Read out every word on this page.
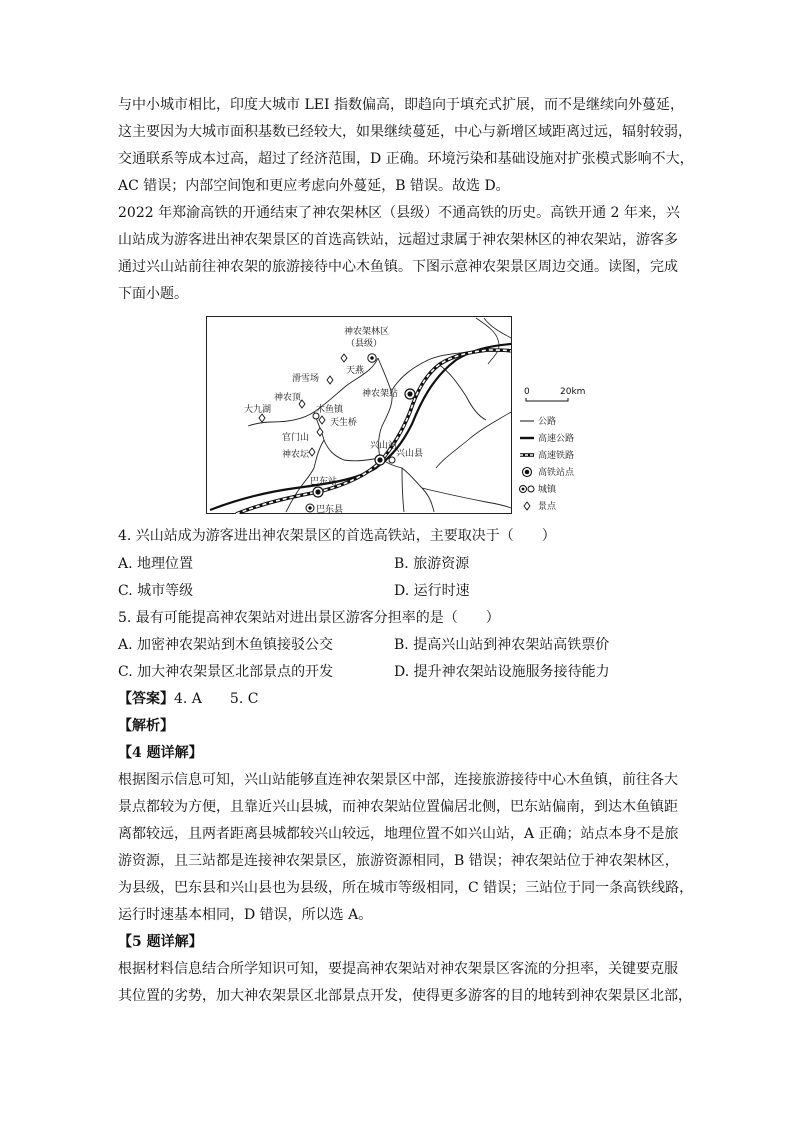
与中小城市相比，印度大城市 LEI 指数偏高，即趋向于填充式扩展，而不是继续向外蔓延，
这主要因为大城市面积基数已经较大，如果继续蔓延，中心与新增区域距离过远，辐射较弱，
交通联系等成本过高，超过了经济范围，D 正确。环境污染和基础设施对扩张模式影响不大，
AC 错误；内部空间饱和更应考虑向外蔓延，B 错误。故选 D。
2022 年郑渝高铁的开通结束了神农架林区（县级）不通高铁的历史。高铁开通 2 年来，兴
山站成为游客进出神农架景区的首选高铁站，远超过隶属于神农架林区的神农架站，游客多
通过兴山站前往神农架的旅游接待中心木鱼镇。下图示意神农架景区周边交通。读图，完成
下面小题。
神农架林区
（县级）
天燕
滑雪场
神农顶
大九湖	木鱼镇
天生桥
官门山
神农坛
神农架站
兴山站
兴山县
巴东站
巴东县
0	20km
公路
高速公路
高速铁路
高铁站点
城镇
景点
4. 兴山站成为游客进出神农架景区的首选高铁站，主要取决于（　　）
A. 地理位置	B. 旅游资源
C. 城市等级	D. 运行时速
5. 最有可能提高神农架站对进出景区游客分担率的是（　　）
A. 加密神农架站到木鱼镇接驳公交	B. 提高兴山站到神农架站高铁票价
C. 加大神农架景区北部景点的开发	D. 提升神农架站设施服务接待能力
【答案】4. A　　5. C
【解析】
【4 题详解】
根据图示信息可知，兴山站能够直连神农架景区中部，连接旅游接待中心木鱼镇，前往各大
景点都较为方便，且靠近兴山县城，而神农架站位置偏居北侧，巴东站偏南，到达木鱼镇距
离都较远，且两者距离县城都较兴山较远，地理位置不如兴山站，A 正确；站点本身不是旅
游资源，且三站都是连接神农架景区，旅游资源相同，B 错误；神农架站位于神农架林区，
为县级，巴东县和兴山县也为县级，所在城市等级相同，C 错误；三站位于同一条高铁线路，
运行时速基本相同，D 错误，所以选 A。
【5 题详解】
根据材料信息结合所学知识可知，要提高神农架站对神农架景区客流的分担率，关键要克服
其位置的劣势，加大神农架景区北部景点开发，使得更多游客的目的地转到神农架景区北部，
